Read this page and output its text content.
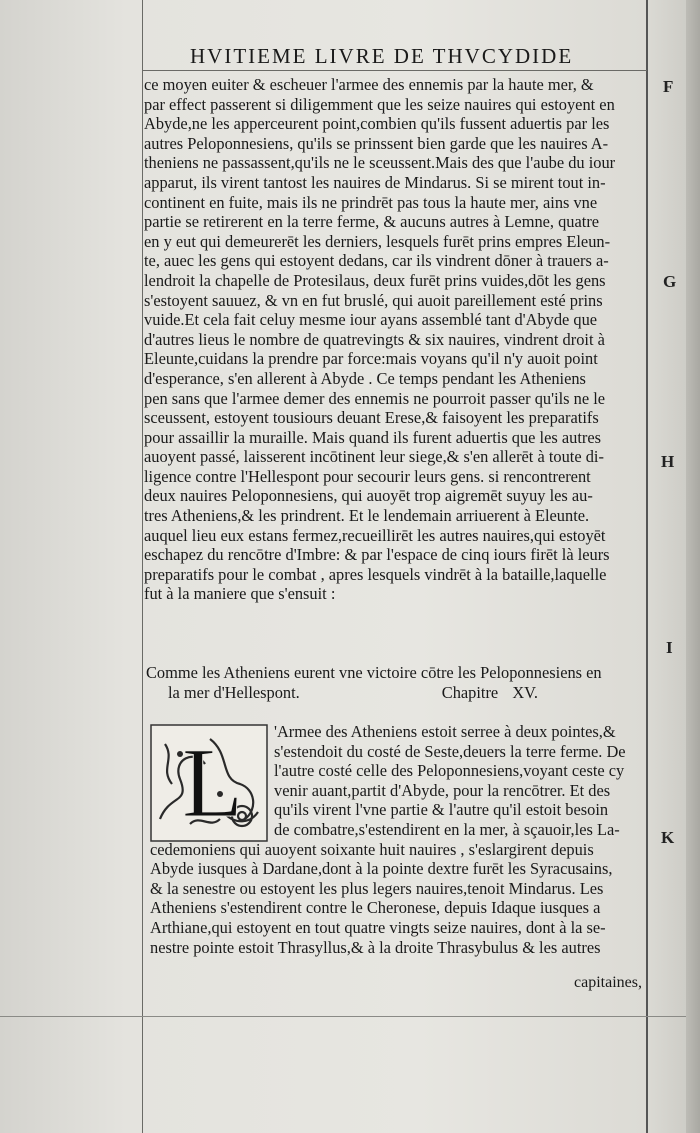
HVITIEME LIVRE DE THVCYDIDE
ce moyen euiter & escheuer l'armee des ennemis par la haute mer, &
par effect passerent si diligemment que les seize nauires qui estoyent en
Abyde,ne les apperceurent point,combien qu'ils fussent aduertis par les
autres Peloponnesiens, qu'ils se prinssent bien garde que les nauires A-
theniens ne passassent,qu'ils ne le sceussent.Mais des que l'aube du iour
apparut, ils virent tantost les nauires de Mindarus. Si se mirent tout in-
continent en fuite, mais ils ne prindrēt pas tous la haute mer, ains vne
partie se retirerent en la terre ferme, & aucuns autres à Lemne, quatre
en y eut qui demeurerēt les derniers, lesquels furēt prins empres Eleun-
te, auec les gens qui estoyent dedans, car ils vindrent dōner à trauers a-
lendroit la chapelle de Protesilaus, deux furēt prins vuides,dōt les gens
s'estoyent sauuez, & vn en fut bruslé, qui auoit pareillement esté prins
vuide.Et cela fait celuy mesme iour ayans assemblé tant d'Abyde que
d'autres lieus le nombre de quatrevingts & six nauires, vindrent droit à
Eleunte,cuidans la prendre par force:mais voyans qu'il n'y auoit point
d'esperance, s'en allerent à Abyde . Ce temps pendant les Atheniens
pen sans que l'armee demer des ennemis ne pourroit passer qu'ils ne le
sceussent, estoyent tousiours deuant Erese,& faisoyent les preparatifs
pour assaillir la muraille. Mais quand ils furent aduertis que les autres
auoyent passé, laisserent incōtinent leur siege,& s'en allerēt à toute di-
ligence contre l'Hellespont pour secourir leurs gens. si rencontrerent
deux nauires Peloponnesiens, qui auoyēt trop aigremēt suyuy les au-
tres Atheniens,& les prindrent. Et le lendemain arriuerent à Eleunte.
auquel lieu eux estans fermez,recueillirēt les autres nauires,qui estoyēt
eschapez du rencōtre d'Imbre: & par l'espace de cinq iours firēt là leurs
preparatifs pour le combat , apres lesquels vindrēt à la bataille,laquelle
fut à la maniere que s'ensuit :
F
G
H
I
K
Comme les Atheniens eurent vne victoire cōtre les Peloponnesiens en
la mer d'Hellespont.	Chapitre XV.
L	'Armee des Atheniens estoit serree à deux pointes,&
s'estendoit du costé de Seste,deuers la terre ferme. De
l'autre costé celle des Peloponnesiens,voyant ceste cy
venir auant,partit d'Abyde, pour la rencōtrer. Et des
qu'ils virent l'vne partie & l'autre qu'il estoit besoin
de combatre,s'estendirent en la mer, à sçauoir,les La-
cedemoniens qui auoyent soixante huit nauires , s'eslargirent depuis
Abyde iusques à Dardane,dont à la pointe dextre furēt les Syracusains,
& la senestre ou estoyent les plus legers nauires,tenoit Mindarus. Les
Atheniens s'estendirent contre le Cheronese, depuis Idaque iusques a
Arthiane,qui estoyent en tout quatre vingts seize nauires, dont à la se-
nestre pointe estoit Thrasyllus,& à la droite Thrasybulus & les autres
capitaines,
